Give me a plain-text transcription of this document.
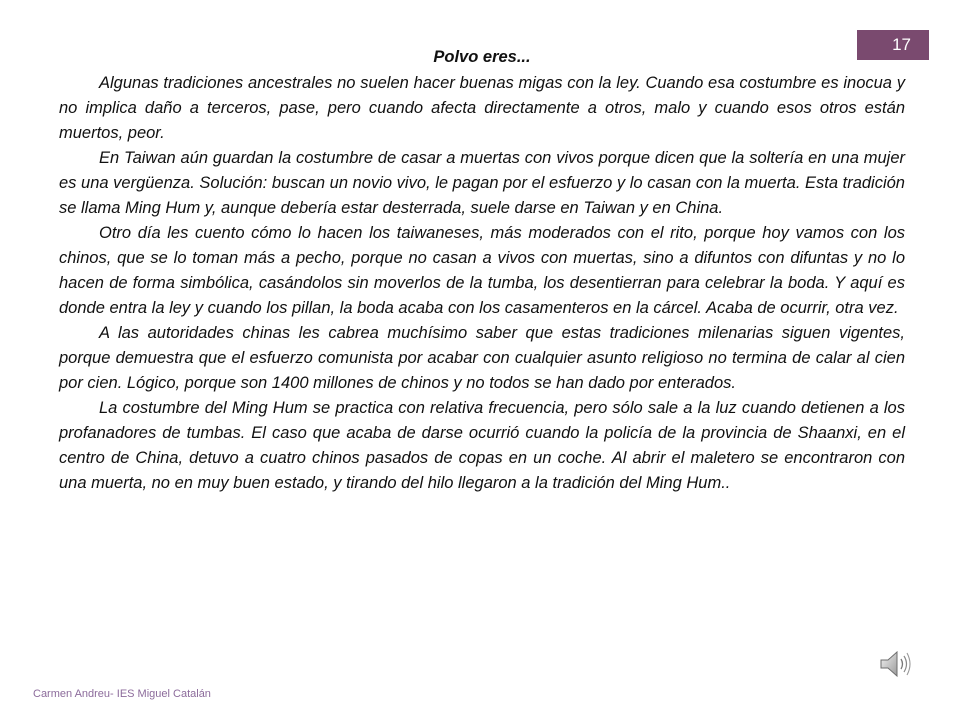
17
Polvo eres...

Algunas tradiciones ancestrales no suelen hacer buenas migas con la ley. Cuando esa costumbre es inocua y no implica daño a terceros, pase, pero cuando afecta directamente a otros, malo y cuando esos otros están muertos, peor.

En Taiwan aún guardan la costumbre de casar a muertas con vivos porque dicen que la soltería en una mujer es una vergüenza. Solución: buscan un novio vivo, le pagan por el esfuerzo y lo casan con la muerta. Esta tradición se llama Ming Hum y, aunque debería estar desterrada, suele darse en Taiwan y en China.

Otro día les cuento cómo lo hacen los taiwaneses, más moderados con el rito, porque hoy vamos con los chinos, que se lo toman más a pecho, porque no casan a vivos con muertas, sino a difuntos con difuntas y no lo hacen de forma simbólica, casándolos sin moverlos de la tumba, los desentierran para celebrar la boda. Y aquí es donde entra la ley y cuando los pillan, la boda acaba con los casamenteros en la cárcel. Acaba de ocurrir, otra vez.

A las autoridades chinas les cabrea muchísimo saber que estas tradiciones milenarias siguen vigentes, porque demuestra que el esfuerzo comunista por acabar con cualquier asunto religioso no termina de calar al cien por cien. Lógico, porque son 1400 millones de chinos y no todos se han dado por enterados.

La costumbre del Ming Hum se practica con relativa frecuencia, pero sólo sale a la luz cuando detienen a los profanadores de tumbas. El caso que acaba de darse ocurrió cuando la policía de la provincia de Shaanxi, en el centro de China, detuvo a cuatro chinos pasados de copas en un coche. Al abrir el maletero se encontraron con una muerta, no en muy buen estado, y tirando del hilo llegaron a la tradición del Ming Hum..

Carmen Andreu- IES Miguel Catalán
